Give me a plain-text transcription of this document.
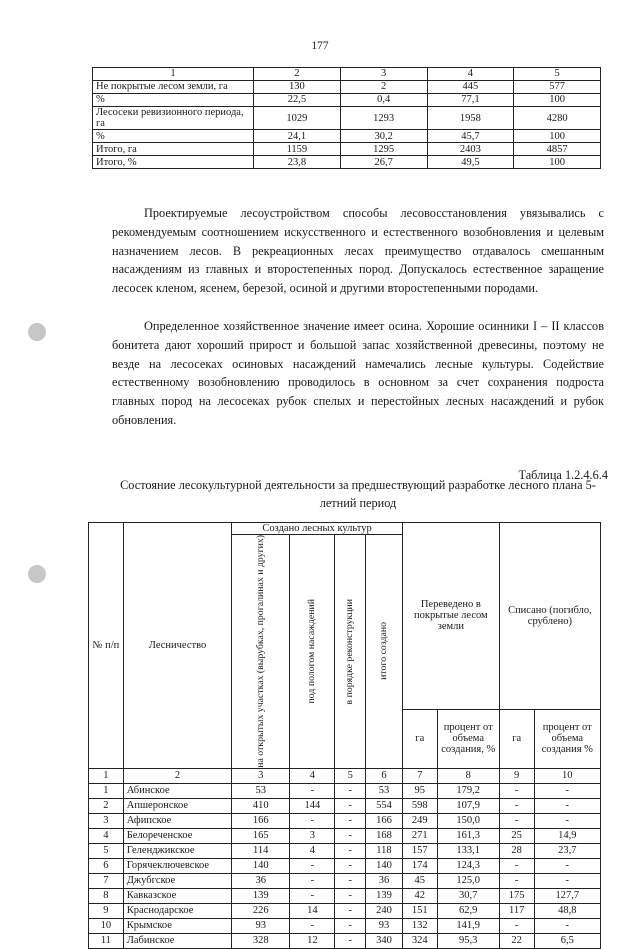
177
1	2	3	4	5
Не покрытые лесом земли, га	130	2	445	577
%	22,5	0,4	77,1	100
Лесосеки ревизионного периода, га	1029	1293	1958	4280
%	24,1	30,2	45,7	100
Итого, га	1159	1295	2403	4857
Итого, %	23,8	26,7	49,5	100

Проектируемые лесоустройством способы лесовосстановления увязывались с рекомендуемым соотношением искусственного и естественного возобновления и целевым назначением лесов. В рекреационных лесах преимущество отдавалось смешанным насаждениям из главных и второстепенных пород. Допускалось естественное заращение лесосек кленом, ясенем, березой, осиной и другими второстепенными породами.

Определенное хозяйственное значение имеет осина. Хорошие осинники I – II классов бонитета дают хороший прирост и большой запас хозяйственной древесины, поэтому не везде на лесосеках осиновых насаждений намечались лесные культуры. Содействие естественному возобновлению проводилось в основном за счет сохранения подроста главных пород на лесосеках рубок спелых и перестойных лесных насаждений и рубок обновления.

Таблица 1.2.4.6.4
Состояние лесокультурной деятельности за предшествующий разработке лесного плана 5-летний период
№ п/п	Лесничество	Создано лесных культур				Переведено в покрытые лесом земли		Списано (погибло, срублено)	

		на открытых участках (вырубках, прогалинах и других)	под пологом насаждений	в порядке реконструкции	итого создано				

						га	процент от объема создания, %	га	процент от объема создания %
1	2	3	4	5	6	7	8	9	10
1	Абинское	53	-	-	53	95	179,2	-	-
2	Апшеронское	410	144	-	554	598	107,9	-	-
3	Афипское	166	-	-	166	249	150,0	-	-
4	Белореченское	165	3	-	168	271	161,3	25	14,9
5	Геленджикское	114	4	-	118	157	133,1	28	23,7
6	Горячеключевское	140	-	-	140	174	124,3	-	-
7	Джубгское	36	-	-	36	45	125,0	-	-
8	Кавказское	139	-	-	139	42	30,7	175	127,7
9	Краснодарское	226	14	-	240	151	62,9	117	48,8
10	Крымское	93	-	-	93	132	141,9	-	-
11	Лабинское	328	12	-	340	324	95,3	22	6,5
